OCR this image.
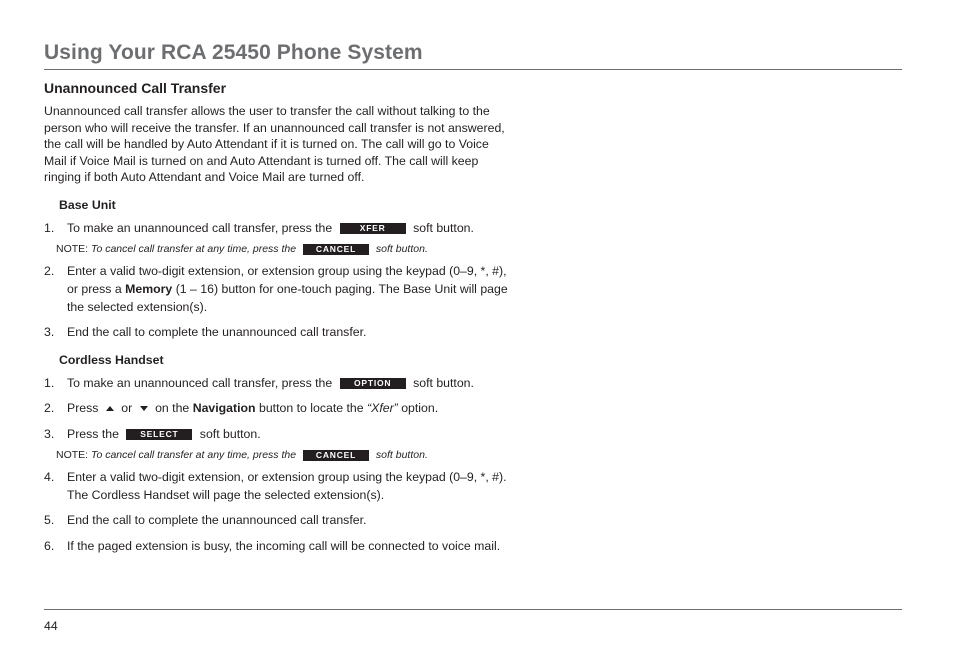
Using Your RCA 25450 Phone System
Unannounced Call Transfer
Unannounced call transfer allows the user to transfer the call without talking to the
person who will receive the transfer. If an unannounced call transfer is not answered,
the call will be handled by Auto Attendant if it is turned on. The call will go to Voice
Mail if Voice Mail is turned on and Auto Attendant is turned off. The call will keep
ringing if both Auto Attendant and Voice Mail are turned off.
Base Unit
1. To make an unannounced call transfer, press the	XFER soft button.
NOTE: To cancel call transfer at any time, press the CANCEL soft button.
2. Enter a valid two-digit extension, or extension group using the keypad (0–9, *, #),
or press a Memory (1 – 16) button for one-touch paging. The Base Unit will page
the selected extension(s).
3. End the call to complete the unannounced call transfer.
Cordless Handset
1. To make an unannounced call transfer, press the	OPTION soft button.
2. Press or on the Navigation button to locate the “Xfer” option.
3. Press the	SELECT soft button.
NOTE: To cancel call transfer at any time, press the CANCEL soft button.
4. Enter a valid two-digit extension, or extension group using the keypad (0–9, *, #).
The Cordless Handset will page the selected extension(s).
5. End the call to complete the unannounced call transfer.
6. If the paged extension is busy, the incoming call will be connected to voice mail.
44
